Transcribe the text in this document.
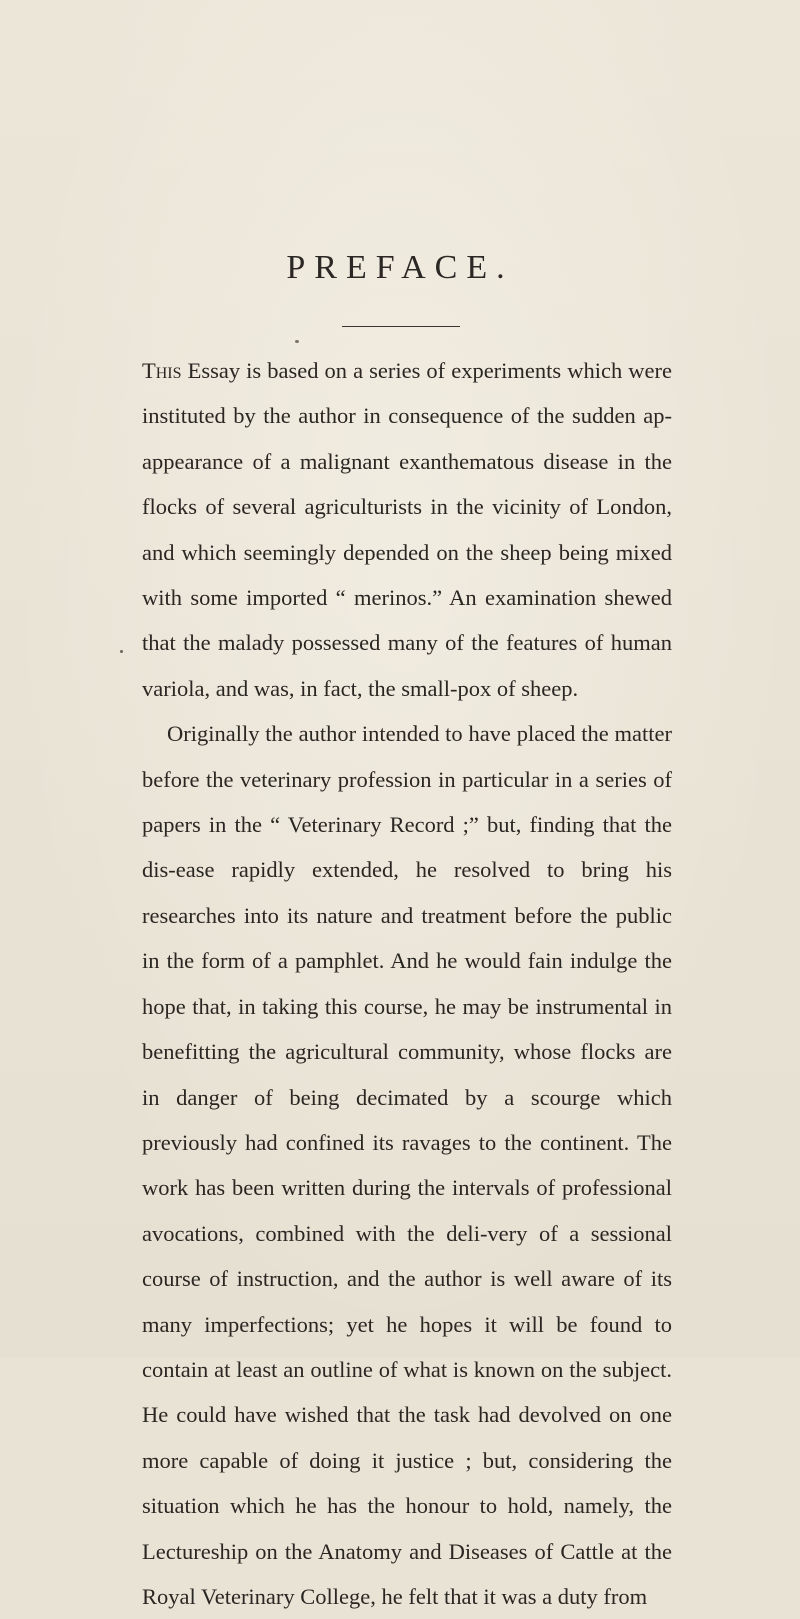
PREFACE.

This Essay is based on a series of experiments which were instituted by the author in consequence of the sudden ap-appearance of a malignant exanthematous disease in the flocks of several agriculturists in the vicinity of London, and which seemingly depended on the sheep being mixed with some imported “ merinos.” An examination shewed that the malady possessed many of the features of human variola, and was, in fact, the small-pox of sheep.

Originally the author intended to have placed the matter before the veterinary profession in particular in a series of papers in the “ Veterinary Record ;” but, finding that the dis-ease rapidly extended, he resolved to bring his researches into its nature and treatment before the public in the form of a pamphlet. And he would fain indulge the hope that, in taking this course, he may be instrumental in benefitting the agricultural community, whose flocks are in danger of being decimated by a scourge which previously had confined its ravages to the continent. The work has been written during the intervals of professional avocations, combined with the deli-very of a sessional course of instruction, and the author is well aware of its many imperfections; yet he hopes it will be found to contain at least an outline of what is known on the subject. He could have wished that the task had devolved on one more capable of doing it justice ; but, considering the situation which he has the honour to hold, namely, the Lectureship on the Anatomy and Diseases of Cattle at the Royal Veterinary College, he felt that it was a duty from
